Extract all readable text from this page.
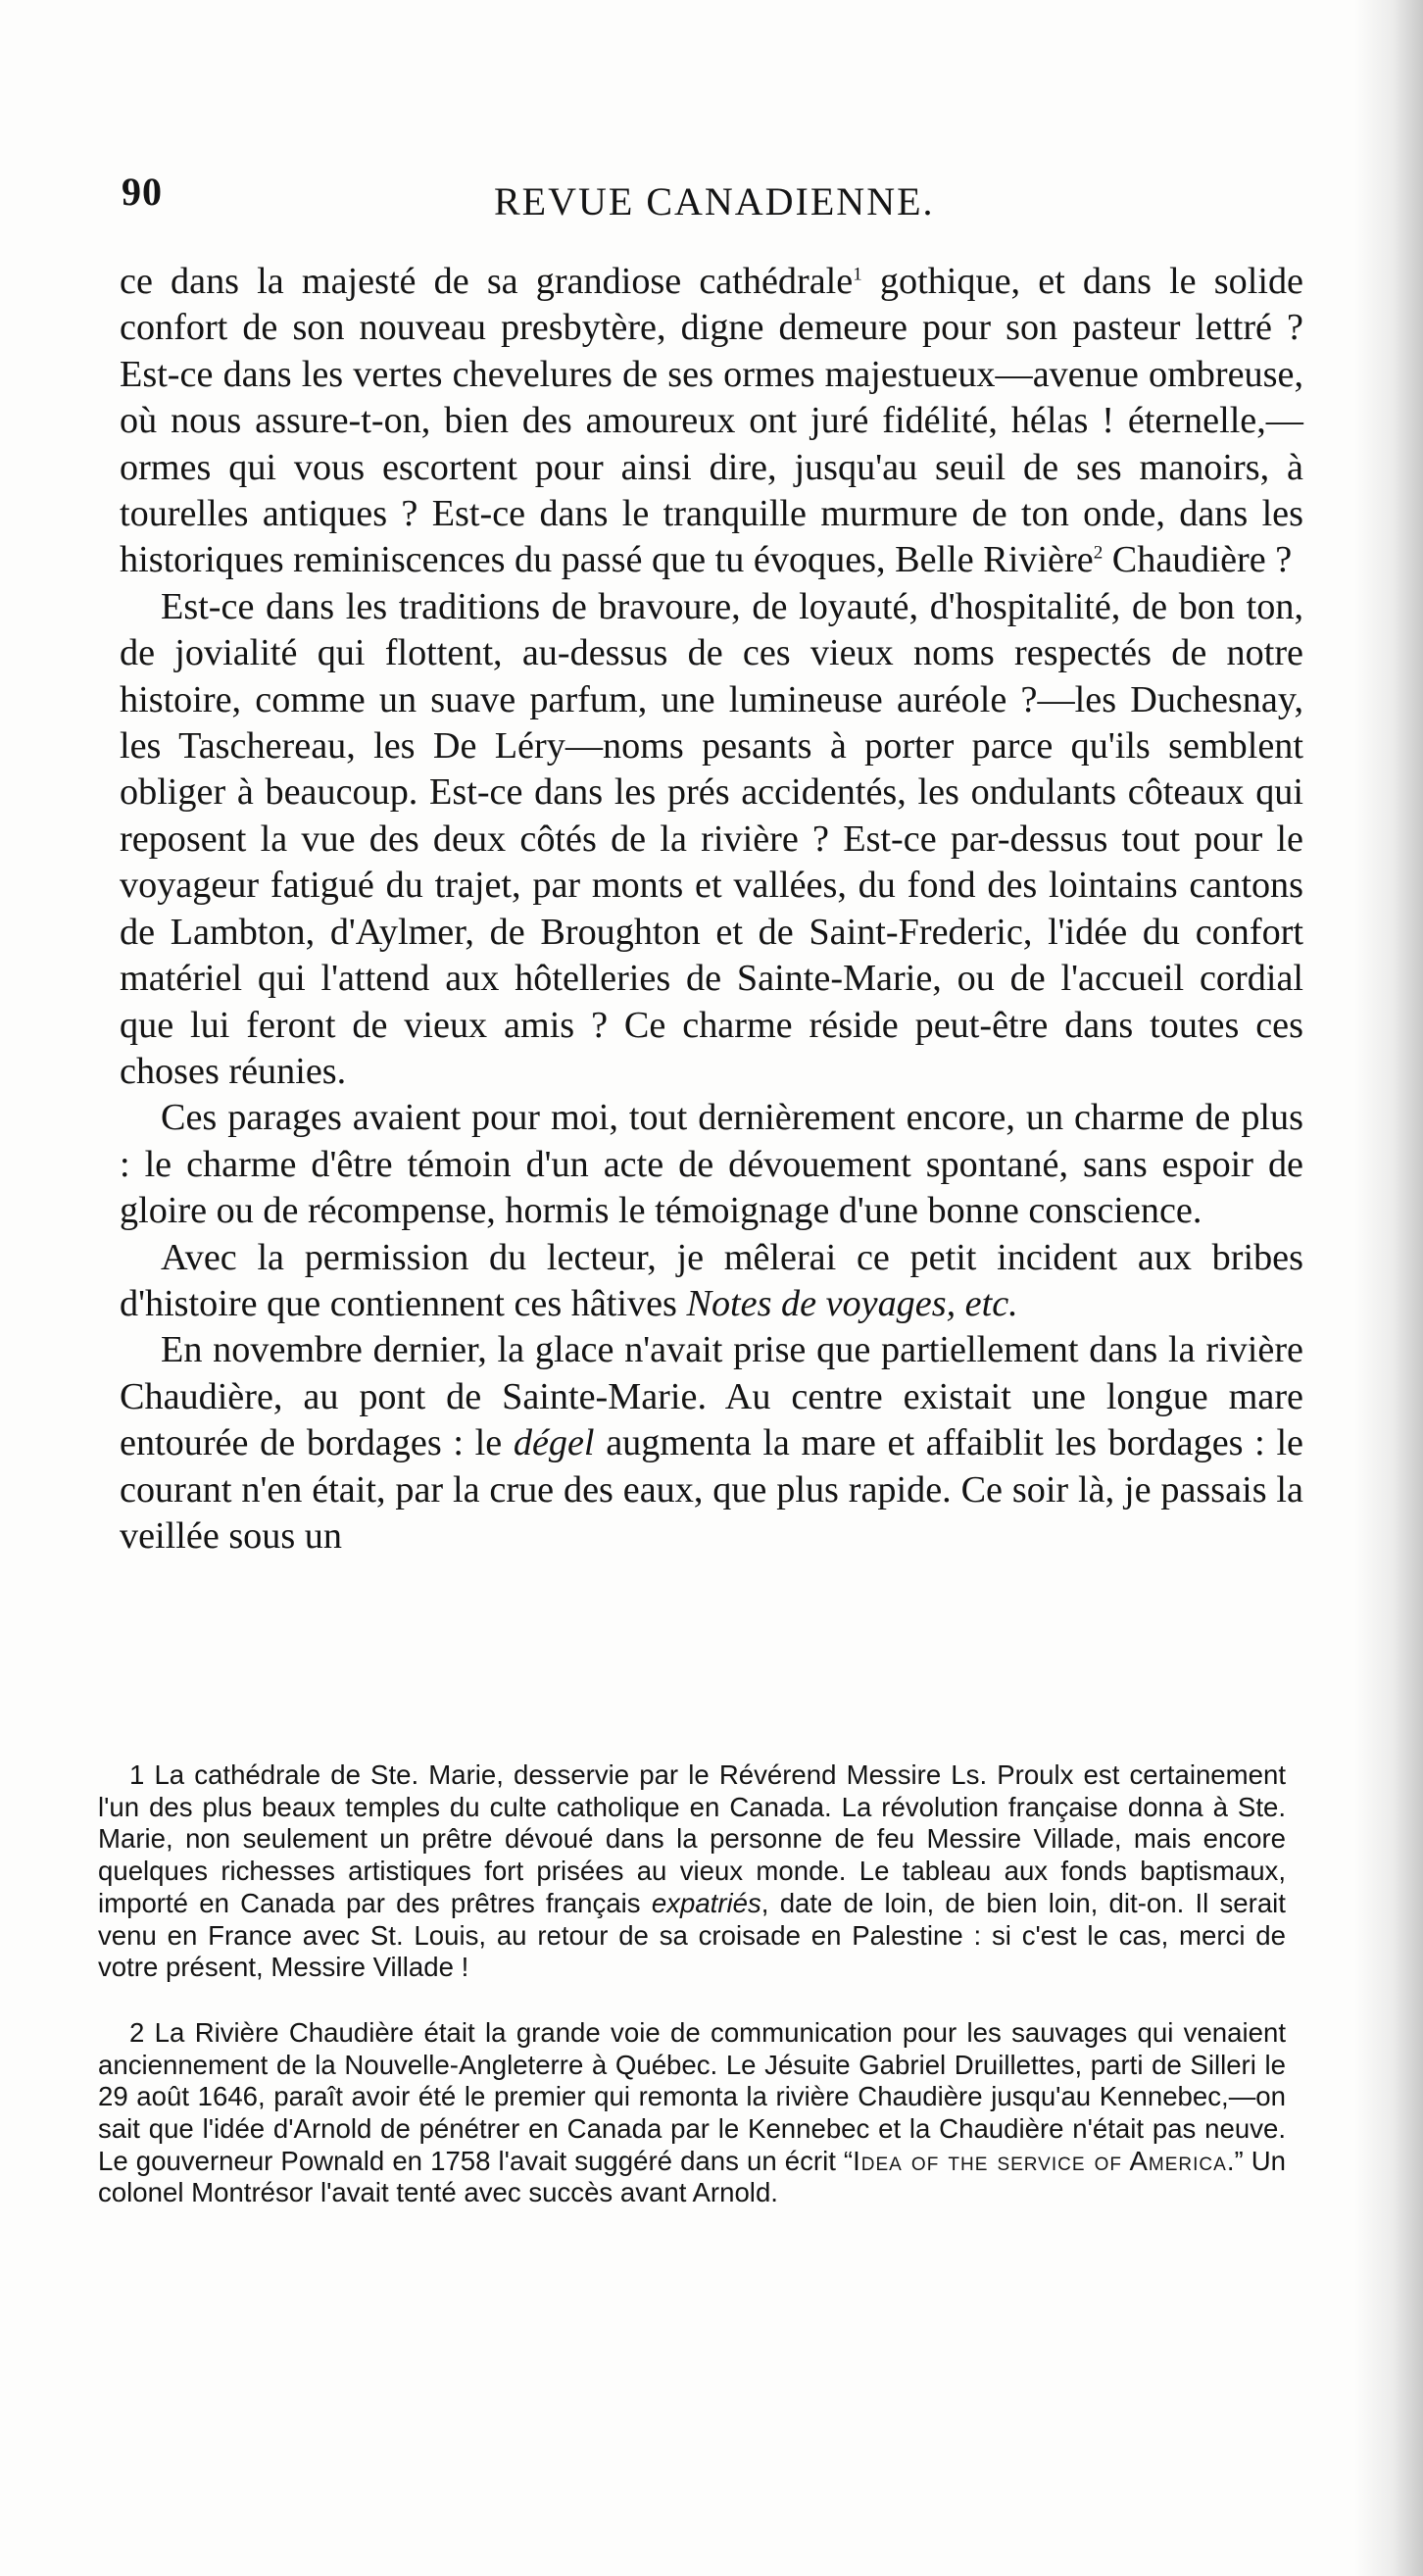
90	REVUE CANADIENNE.

ce dans la majesté de sa grandiose cathédrale$^1$ gothique, et dans le solide confort de son nouveau presbytère, digne demeure pour son pasteur lettré ? Est-ce dans les vertes chevelures de ses ormes majestueux—avenue ombreuse, où nous assure-t-on, bien des amoureux ont juré fidélité, hélas ! éternelle,—ormes qui vous escortent pour ainsi dire, jusqu'au seuil de ses manoirs, à tourelles antiques ? Est-ce dans le tranquille murmure de ton onde, dans les historiques reminiscences du passé que tu évoques, Belle Rivière$^2$ Chaudière ?

Est-ce dans les traditions de bravoure, de loyauté, d'hospitalité, de bon ton, de jovialité qui flottent, au-dessus de ces vieux noms respectés de notre histoire, comme un suave parfum, une lumineuse auréole ?—les Duchesnay, les Taschereau, les De Léry—noms pesants à porter parce qu'ils semblent obliger à beaucoup. Est-ce dans les prés accidentés, les ondulants côteaux qui reposent la vue des deux côtés de la rivière ? Est-ce par-dessus tout pour le voyageur fatigué du trajet, par monts et vallées, du fond des lointains cantons de Lambton, d'Aylmer, de Broughton et de Saint-Frederic, l'idée du confort matériel qui l'attend aux hôtelleries de Sainte-Marie, ou de l'accueil cordial que lui feront de vieux amis ? Ce charme réside peut-être dans toutes ces choses réunies.

Ces parages avaient pour moi, tout dernièrement encore, un charme de plus : le charme d'être témoin d'un acte de dévouement spontané, sans espoir de gloire ou de récompense, hormis le témoignage d'une bonne conscience.

Avec la permission du lecteur, je mêlerai ce petit incident aux bribes d'histoire que contiennent ces hâtives Notes de voyages, etc.

En novembre dernier, la glace n'avait prise que partiellement dans la rivière Chaudière, au pont de Sainte-Marie. Au centre existait une longue mare entourée de bordages : le dégel augmenta la mare et affaiblit les bordages : le courant n'en était, par la crue des eaux, que plus rapide. Ce soir là, je passais la veillée sous un

1 La cathédrale de Ste. Marie, desservie par le Révérend Messire Ls. Proulx est certainement l'un des plus beaux temples du culte catholique en Canada. La révolution française donna à Ste. Marie, non seulement un prêtre dévoué dans la personne de feu Messire Villade, mais encore quelques richesses artistiques fort prisées au vieux monde. Le tableau aux fonds baptismaux, importé en Canada par des prêtres français expatriés, date de loin, de bien loin, dit-on. Il serait venu en France avec St. Louis, au retour de sa croisade en Palestine : si c'est le cas, merci de votre présent, Messire Villade !

2 La Rivière Chaudière était la grande voie de communication pour les sauvages qui venaient anciennement de la Nouvelle-Angleterre à Québec. Le Jésuite Gabriel Druillettes, parti de Silleri le 29 août 1646, paraît avoir été le premier qui remonta la rivière Chaudière jusqu'au Kennebec,—on sait que l'idée d'Arnold de pénétrer en Canada par le Kennebec et la Chaudière n'était pas neuve. Le gouverneur Pownald en 1758 l'avait suggéré dans un écrit “Idea of the service of America.” Un colonel Montrésor l'avait tenté avec succès avant Arnold.
